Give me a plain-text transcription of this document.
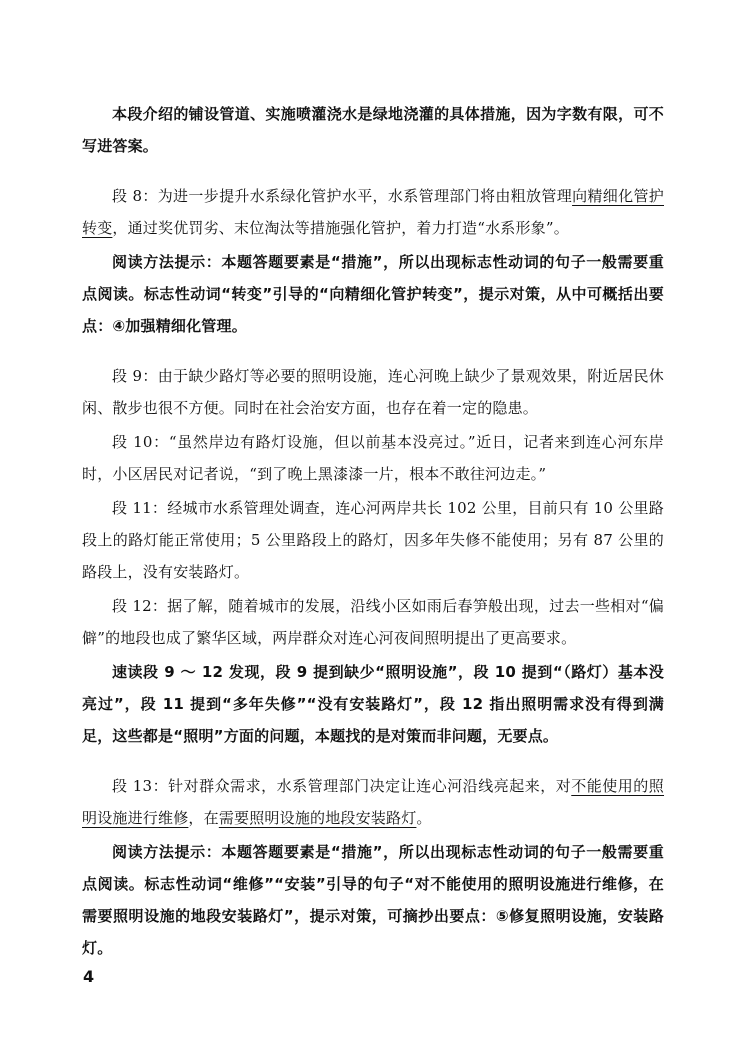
本段介绍的铺设管道、实施喷灌浇水是绿地浇灌的具体措施，因为字数有限，可不写进答案。

段 8：为进一步提升水系绿化管护水平，水系管理部门将由粗放管理向精细化管护转变，通过奖优罚劣、末位淘汰等措施强化管护，着力打造“水系形象”。

阅读方法提示：本题答题要素是“措施”，所以出现标志性动词的句子一般需要重点阅读。标志性动词“转变”引导的“向精细化管护转变”，提示对策，从中可概括出要点：④加强精细化管理。

段 9：由于缺少路灯等必要的照明设施，连心河晚上缺少了景观效果，附近居民休闲、散步也很不方便。同时在社会治安方面，也存在着一定的隐患。

段 10：“虽然岸边有路灯设施，但以前基本没亮过。”近日，记者来到连心河东岸时，小区居民对记者说，“到了晚上黑漆漆一片，根本不敢往河边走。”

段 11：经城市水系管理处调查，连心河两岸共长 102 公里，目前只有 10 公里路段上的路灯能正常使用；5 公里路段上的路灯，因多年失修不能使用；另有 87 公里的路段上，没有安装路灯。

段 12：据了解，随着城市的发展，沿线小区如雨后春笋般出现，过去一些相对“偏僻”的地段也成了繁华区域，两岸群众对连心河夜间照明提出了更高要求。

速读段 9 ～ 12 发现，段 9 提到缺少“照明设施”，段 10 提到“（路灯）基本没亮过”，段 11 提到“多年失修”“没有安装路灯”，段 12 指出照明需求没有得到满足，这些都是“照明”方面的问题，本题找的是对策而非问题，无要点。

段 13：针对群众需求，水系管理部门决定让连心河沿线亮起来，对不能使用的照明设施进行维修，在需要照明设施的地段安装路灯。

阅读方法提示：本题答题要素是“措施”，所以出现标志性动词的句子一般需要重点阅读。标志性动词“维修”“安装”引导的句子“对不能使用的照明设施进行维修，在需要照明设施的地段安装路灯”，提示对策，可摘抄出要点：⑤修复照明设施，安装路灯。

4
